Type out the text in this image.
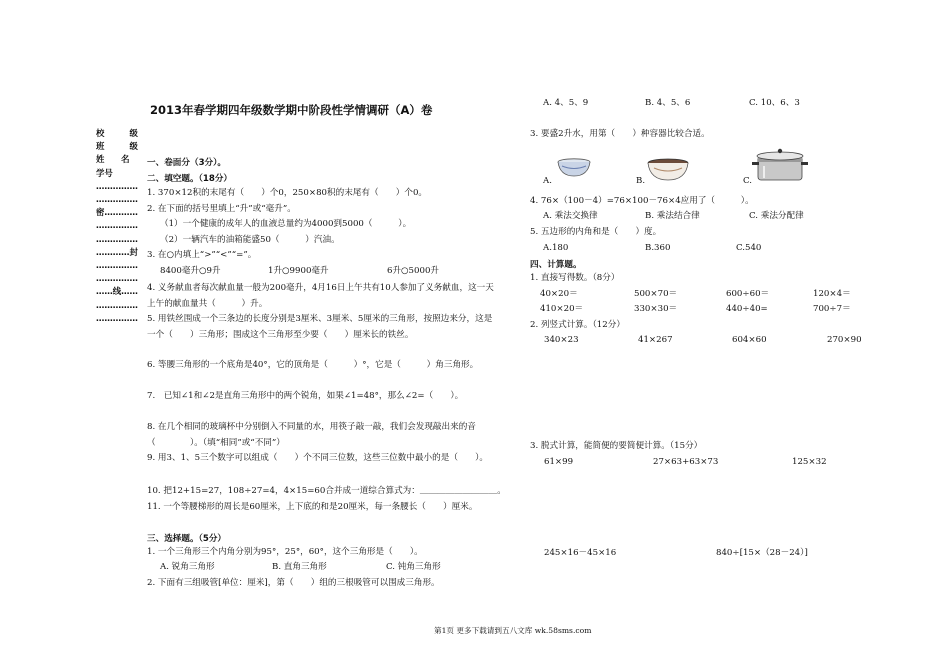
2013年春学期四年级数学期中阶段性学情调研（A）卷
校　　　级
班　　　级
姓　　名
学号
……………
……………
密…………
……………
……………
…………封
……………
……………
……线……
……………
……………
一、卷面分（3分）。
二、填空题。（18分）
1. 370×12积的末尾有（　　）个0，250×80积的末尾有（　　）个0。
2. 在下面的括号里填上“升”或“毫升”。
（1）一个健康的成年人的血液总量约为4000到5000（　　　）。
（2）一辆汽车的油箱能盛50（　　　）汽油。
3. 在○内填上“>”“<”“=”。
8400毫升○9升	1升○9900毫升	6升○5000升
4. 义务献血者每次献血量一般为200毫升，4月16日上午共有10人参加了义务献血，这一天上午的献血量共（　　　）升。
5. 用铁丝围成一个三条边的长度分别是3厘米、3厘米、5厘米的三角形，按照边来分，这是一个（　　）三角形；围成这个三角形至少要（　　）厘米长的铁丝。
6. 等腰三角形的一个底角是40°，它的顶角是（　　　）°，它是（　　　）角三角形。
7.　已知∠1和∠2是直角三角形中的两个锐角，如果∠1=48°，那么∠2=（　　）。
8. 在几个相同的玻璃杯中分别倒入不同量的水，用筷子敲一敲，我们会发现敲出来的音（　　　　）。（填“相同”或“不同”）
9. 用3、1、5三个数字可以组成（　　）个不同三位数，这些三位数中最小的是（　　）。
10. 把12+15=27，108÷27=4，4×15=60合并成一道综合算式为：＿＿＿＿＿＿＿＿＿。
11. 一个等腰梯形的周长是60厘米，上下底的和是20厘米，每一条腰长（　　）厘米。
三、选择题。（5分）
1. 一个三角形三个内角分别为95°，25°，60°，这个三角形是（　　）。
A. 锐角三角形	B. 直角三角形	C. 钝角三角形
2. 下面有三组吸管[单位：厘米]，第（　　）组的三根吸管可以围成三角形。
A. 4、5、9	B. 4、5、6	C. 10、6、3
3. 要盛2升水，用第（　　）种容器比较合适。
A.	B.	C.
4. 76×（100－4）=76×100－76×4应用了（　　　）。
A. 乘法交换律	B. 乘法结合律	C. 乘法分配律
5. 五边形的内角和是（　　）度。
A.180	B.360	C.540
四、计算题。
1. 直接写得数。（8分）
40×20＝	500×70＝	600÷60＝	120×4＝
410×20＝	330×30＝	440÷40=	700÷7＝
2. 列竖式计算。（12分）
340×23	41×267	604×60	270×90
3. 脱式计算，能简便的要简便计算。（15分）
61×99	27×63+63×73	125×32
245×16－45×16	840÷[15×（28－24）]
第1页 更多下载请到五八文库 wk.58sms.com
